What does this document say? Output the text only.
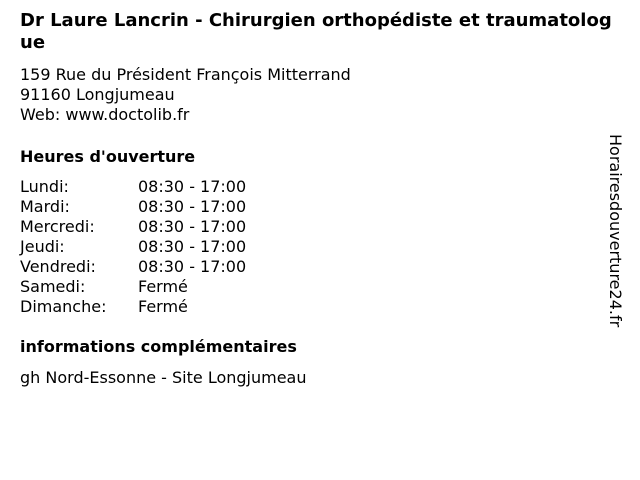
Dr Laure Lancrin - Chirurgien orthopédiste et traumatologue
159 Rue du Président François Mitterrand
91160 Longjumeau
Web: www.doctolib.fr
Heures d'ouverture
Lundi:	08:30 - 17:00
Mardi:	08:30 - 17:00
Mercredi:	08:30 - 17:00
Jeudi:	08:30 - 17:00
Vendredi:	08:30 - 17:00
Samedi:	Fermé
Dimanche:	Fermé
informations complémentaires
gh Nord-Essonne - Site Longjumeau
Horairesdouverture24.fr
